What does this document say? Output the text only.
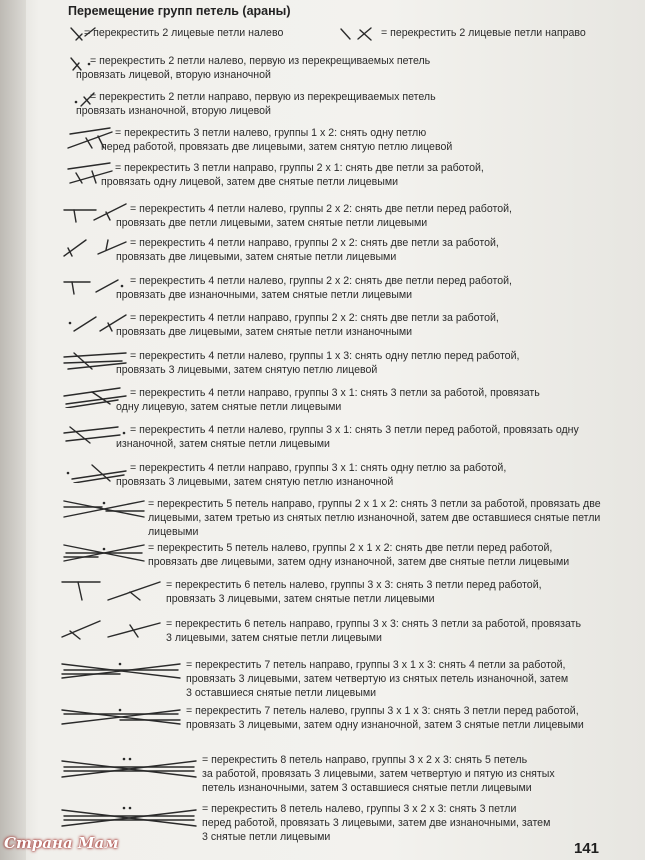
Перемещение групп петель (араны)
= перекрестить 2 лицевые петли налево	= перекрестить 2 лицевые петли направо
= перекрестить 2 петли налево, первую из перекрещиваемых петель
провязать лицевой, вторую изнаночной
= перекрестить 2 петли направо, первую из перекрещиваемых петель
провязать изнаночной, вторую лицевой
= перекрестить 3 петли налево, группы 1 х 2: снять одну петлю
перед работой, провязать две лицевыми, затем снятую петлю лицевой
= перекрестить 3 петли направо, группы 2 х 1: снять две петли за работой,
провязать одну лицевой, затем две снятые петли лицевыми
= перекрестить 4 петли налево, группы 2 х 2: снять две петли перед работой,
провязать две петли лицевыми, затем снятые петли лицевыми
= перекрестить 4 петли направо, группы 2 х 2: снять две петли за работой,
провязать две лицевыми, затем снятые петли лицевыми
= перекрестить 4 петли налево, группы 2 х 2: снять две петли перед работой,
провязать две изнаночными, затем снятые петли лицевыми
= перекрестить 4 петли направо, группы 2 х 2: снять две петли за работой,
провязать две лицевыми, затем снятые петли изнаночными
= перекрестить 4 петли налево, группы 1 х 3: снять одну петлю перед работой,
провязать 3 лицевыми, затем снятую петлю лицевой
= перекрестить 4 петли направо, группы 3 х 1: снять 3 петли за работой, провязать
одну лицевую, затем снятые петли лицевыми
= перекрестить 4 петли налево, группы 3 х 1: снять 3 петли перед работой, провязать одну
изнаночной, затем снятые петли лицевыми
= перекрестить 4 петли направо, группы 3 х 1: снять одну петлю за работой,
провязать 3 лицевыми, затем снятую петлю изнаночной
= перекрестить 5 петель направо, группы 2 х 1 х 2: снять 3 петли за работой, провязать две
лицевыми, затем третью из снятых петлю изнаночной, затем две оставшиеся снятые петли
лицевыми
= перекрестить 5 петель налево, группы 2 х 1 х 2: снять две петли перед работой,
провязать две лицевыми, затем одну изнаночной, затем две снятые петли лицевыми
= перекрестить 6 петель налево, группы 3 х 3: снять 3 петли перед работой,
провязать 3 лицевыми, затем снятые петли лицевыми
= перекрестить 6 петель направо, группы 3 х 3: снять 3 петли за работой, провязать
3 лицевыми, затем снятые петли лицевыми
= перекрестить 7 петель направо, группы 3 х 1 х 3: снять 4 петли за работой,
провязать 3 лицевыми, затем четвертую из снятых петель изнаночной, затем
3 оставшиеся снятые петли лицевыми
= перекрестить 7 петель налево, группы 3 х 1 х 3: снять 3 петли перед работой,
провязать 3 лицевыми, затем одну изнаночной, затем 3 снятые петли лицевыми
= перекрестить 8 петель направо, группы 3 х 2 х 3: снять 5 петель
за работой, провязать 3 лицевыми, затем четвертую и пятую из снятых
петель изнаночными, затем 3 оставшиеся снятые петли лицевыми
= перекрестить 8 петель налево, группы 3 х 2 х 3: снять 3 петли
перед работой, провязать 3 лицевыми, затем две изнаночными, затем
3 снятые петли лицевыми
141
Страна Мам
